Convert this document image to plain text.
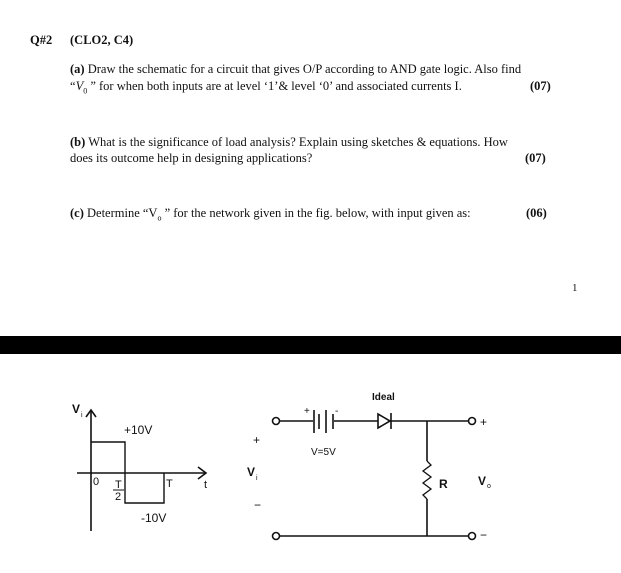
Q#2 (CLO2, C4)
(a) Draw the schematic for a circuit that gives O/P according to AND gate logic. Also find
“$V_0$ ” for when both inputs are at level ‘1’& level ‘0’ and associated currents I.	(07)
(b) What is the significance of load analysis? Explain using sketches & equations. How
does its outcome help in designing applications?	(07)
(c) Determine “$V_o$ ” for the network given in the fig. below, with input given as:	(06)
1
V i
+10V
-10V
0 T
2
T	t
Ideal
+	-
V=5V
+
V i
−
R	V o
+
−
